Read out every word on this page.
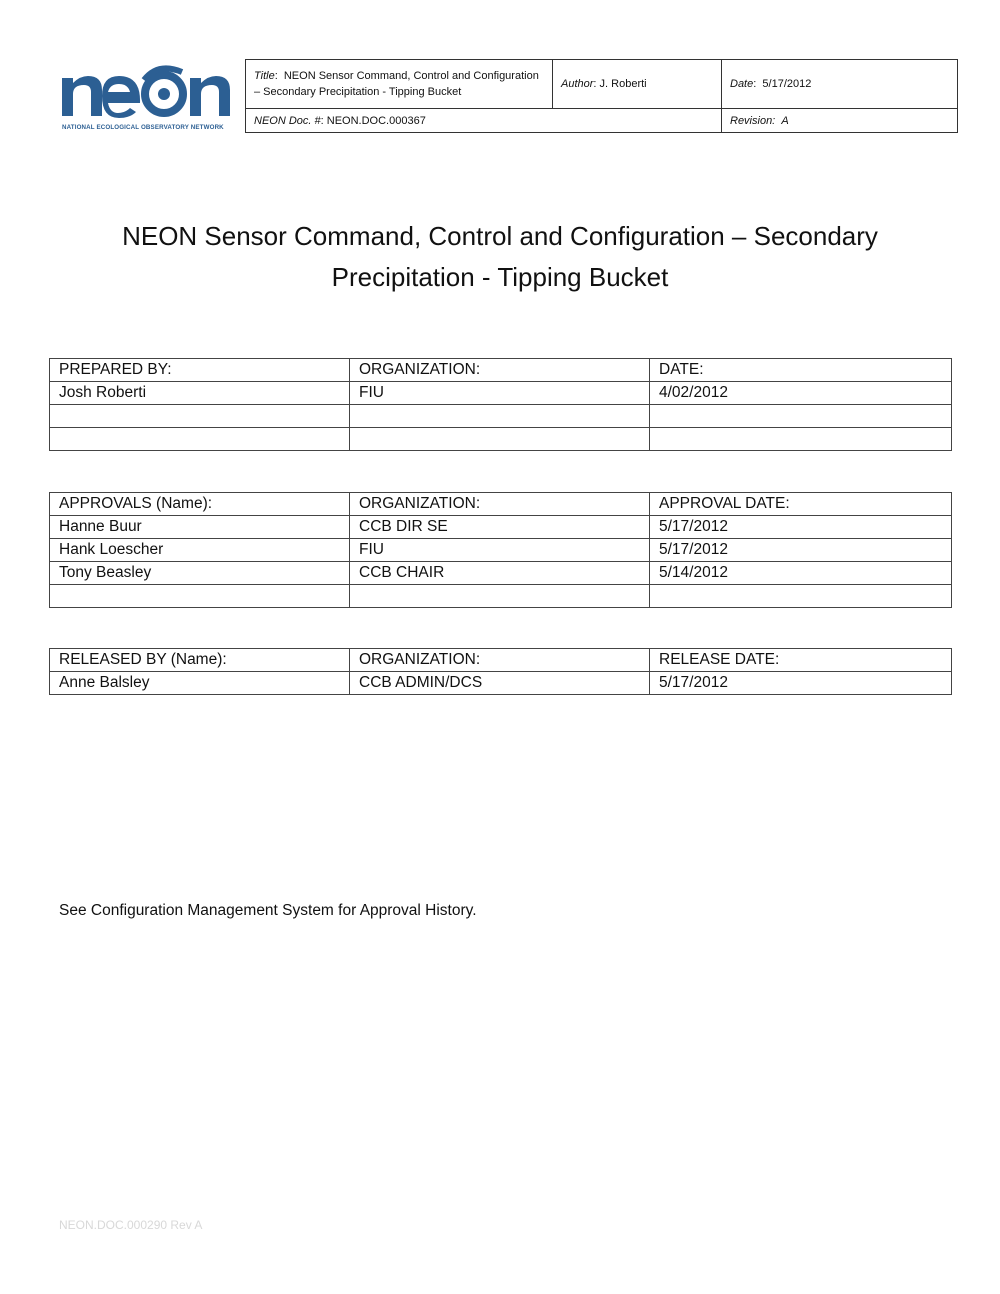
NATIONAL ECOLOGICAL OBSERVATORY NETWORK
Title:  NEON Sensor Command, Control and Configuration – Secondary Precipitation - Tipping Bucket	Author: J. Roberti	Date:  5/17/2012
NEON Doc. #: NEON.DOC.000367		Revision: A
NEON Sensor Command, Control and Configuration – Secondary
Precipitation - Tipping Bucket
PREPARED BY:	ORGANIZATION:	DATE:
Josh Roberti	FIU	4/02/2012

APPROVALS (Name):	ORGANIZATION:	APPROVAL DATE:
Hanne Buur	CCB DIR SE	5/17/2012
Hank Loescher	FIU	5/17/2012
Tony Beasley	CCB CHAIR	5/14/2012

RELEASED BY (Name):	ORGANIZATION:	RELEASE DATE:
Anne Balsley	CCB ADMIN/DCS	5/17/2012
See Configuration Management System for Approval History.
NEON.DOC.000290 Rev A
